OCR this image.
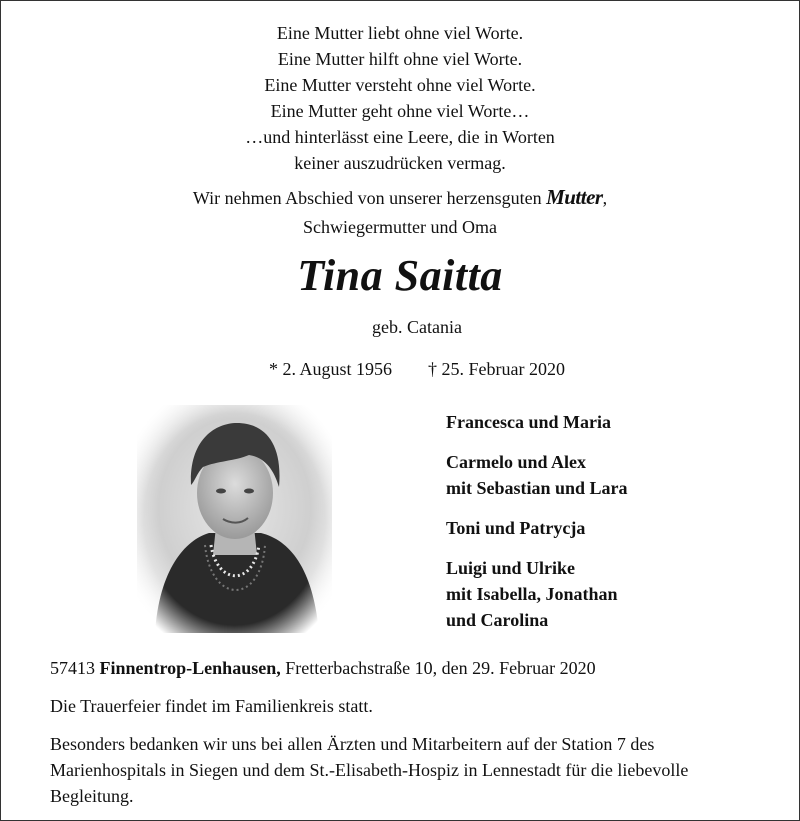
Eine Mutter liebt ohne viel Worte.
Eine Mutter hilft ohne viel Worte.
Eine Mutter versteht ohne viel Worte.
Eine Mutter geht ohne viel Worte…
…und hinterlässt eine Leere, die in Worten
keiner auszudrücken vermag.
Wir nehmen Abschied von unserer herzensguten Mutter,
Schwiegermutter und Oma
Tina Saitta
geb. Catania
* 2. August 1956 † 25. Februar 2020
Francesca und Maria
Carmelo und Alex
mit Sebastian und Lara
Toni und Patrycja
Luigi und Ulrike
mit Isabella, Jonathan
und Carolina

57413 Finnentrop-Lenhausen, Fretterbachstraße 10, den 29. Februar 2020

Die Trauerfeier findet im Familienkreis statt.

Besonders bedanken wir uns bei allen Ärzten und Mitarbeitern auf der Station 7 des Marienhospitals in Siegen und dem St.-Elisabeth-Hospiz in Lennestadt für die liebevolle Begleitung.
